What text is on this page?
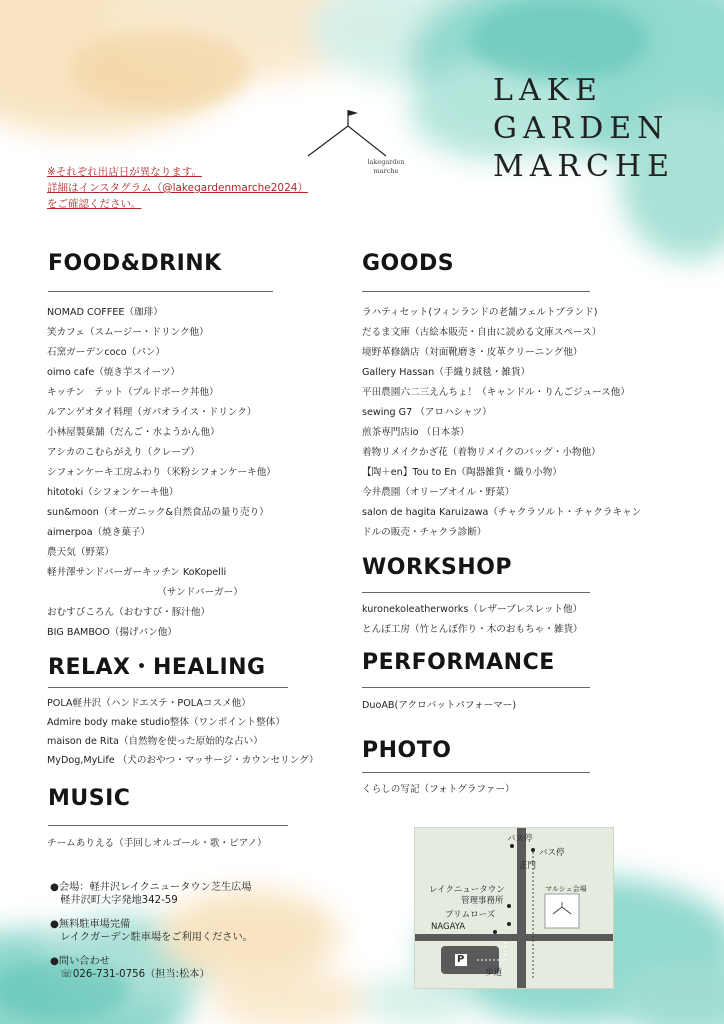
lakegarden
marche
LAKE
GARDEN
MARCHE
※それぞれ出店日が異なります。
詳細はインスタグラム（@lakegardenmarche2024）
をご確認ください。
FOOD&DRINK
NOMAD COFFEE（珈琲）
笑カフェ（スムージー・ドリンク他）
石窯ガーデンcoco（パン）
oimo cafe（焼き芋スイーツ）
キッチン　テット（プルドポーク丼他）
ルアンゲオタイ料理（ガパオライス・ドリンク）
小林屋製菓舗（だんご・水ようかん他）
アシカのこむらがえり（クレープ）
シフォンケーキ工房ふわり（米粉シフォンケーキ他）
hitotoki（シフォンケーキ他）
sun&moon（オーガニック&自然食品の量り売り）
aimerpoa（焼き菓子）
農天気（野菜）
軽井澤サンドバーガーキッチン KoKopelli
　　　　　　　　　　　　（サンドバーガー）
おむすびころん（おむすび・豚汁他）
BIG BAMBOO（揚げパン他）
RELAX・HEALING
POLA軽井沢（ハンドエステ・POLAコスメ他）
Admire body make studio整体（ワンポイント整体）
maison de Rita（自然物を使った原始的な占い）
MyDog,MyLife （犬のおやつ・マッサージ・カウンセリング）
MUSIC
チームありえる（手回しオルゴール・歌・ピアノ）
GOODS
ラハティセット(フィンランドの老舗フェルトブランド)
だるま文庫（古絵本販売・自由に読める文庫スペース）
境野革修繕店（対面靴磨き・皮革クリーニング他）
Gallery Hassan（手織り絨毯・雑貨）
平田農園六二三えんちょ！（キャンドル・りんごジュース他）
sewing G7 （アロハシャツ）
煎茶専門店io （日本茶）
着物リメイクかざ花（着物リメイクのバッグ・小物他）
【陶＋en】Tou to En（陶器雑貨・織り小物）
今井農園（オリーブオイル・野菜）
salon de hagita Karuizawa（チャクラソルト・チャクラキャン
ドルの販売・チャクラ診断）
WORKSHOP
kuronekoleatherworks（レザーブレスレット他）
とんぼ工房（竹とんぼ作り・木のおもちゃ・雑貨）
PERFORMANCE
DuoAB(アクロバットパフォーマー)
PHOTO
くらしの写記（フォトグラファー）
●会場：軽井沢レイクニュータウン芝生広場
　軽井沢町大字発地342-59
●無料駐車場完備
　レイクガーデン駐車場をご利用ください。
●問い合わせ
　☏026-731-0756（担当:松本）
バス停
バス停
正門
レイクニュータウン
管理事務所
プリムローズ
NAGAYA
マルシェ会場
P
歩道
